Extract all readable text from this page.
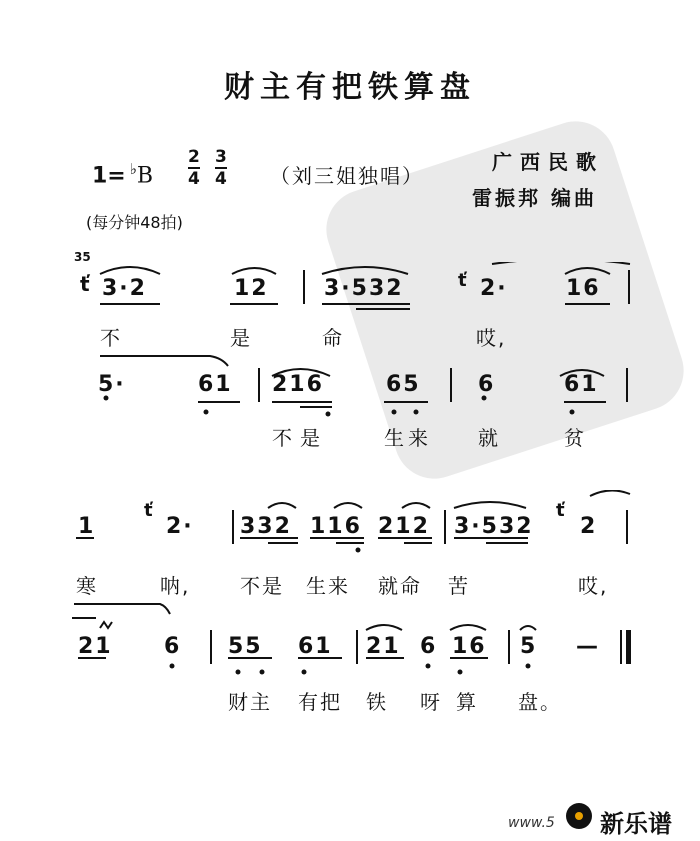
财主有把铁算盘
$1= ^♭B \frac{2}{4}$
$\frac{3}{4}$ （刘三姐独唱）
广西民歌
雷振邦 编曲
(每分钟48拍)
35
ť 3·2	12	3·532	ť 2·	16
不	是	命	哎,
5·	61 216	65	6	61
不 是	生 来 就	贫
1
ť
2· 332 116 212 3·532
ť
2
寒	呐, 不是 生来 就命 苦	哎,
21 6 55 61 21 6 16 5 —
财主 有把 铁 呀 算 盘。
www.5 新乐谱
